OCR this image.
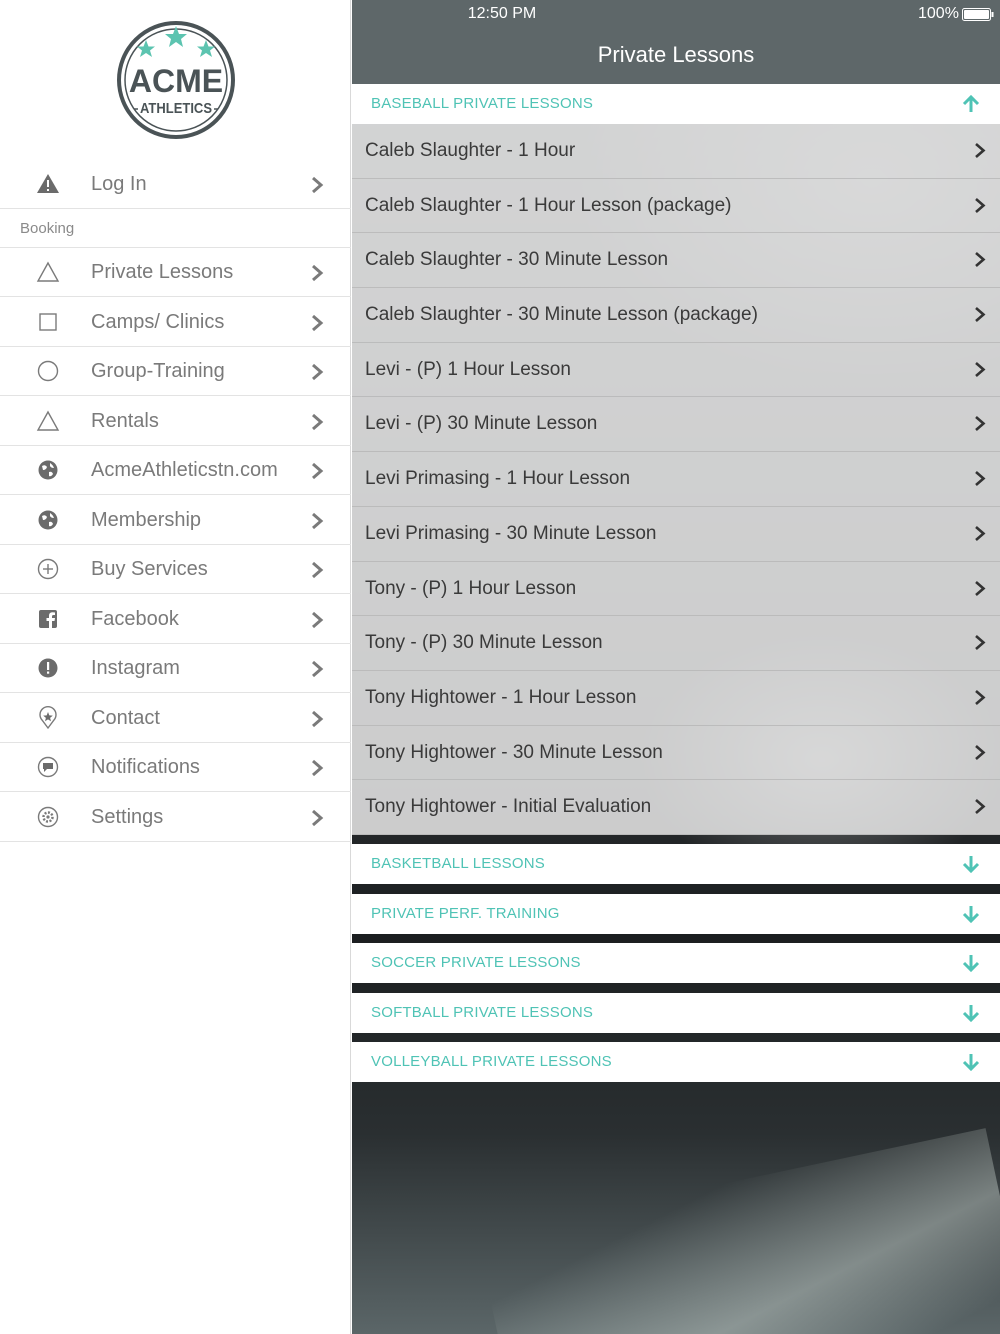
ACME
ATHLETICS
Log In
Booking
Private Lessons
Camps/ Clinics
Group-Training
Rentals
AcmeAthleticstn.com
Membership
Buy Services
Facebook
Instagram
Contact
Notifications
Settings
12:50 PM	100%
Private Lessons
BASEBALL PRIVATE LESSONS
Caleb Slaughter - 1 Hour
Caleb Slaughter - 1 Hour Lesson (package)
Caleb Slaughter - 30 Minute Lesson
Caleb Slaughter - 30 Minute Lesson (package)
Levi - (P) 1 Hour Lesson
Levi - (P) 30 Minute Lesson
Levi Primasing - 1 Hour Lesson
Levi Primasing - 30 Minute Lesson
Tony - (P) 1 Hour Lesson
Tony - (P) 30 Minute Lesson
Tony Hightower - 1 Hour Lesson
Tony Hightower - 30 Minute Lesson
Tony Hightower - Initial Evaluation
BASKETBALL LESSONS
PRIVATE PERF. TRAINING
SOCCER PRIVATE LESSONS
SOFTBALL PRIVATE LESSONS
VOLLEYBALL PRIVATE LESSONS
